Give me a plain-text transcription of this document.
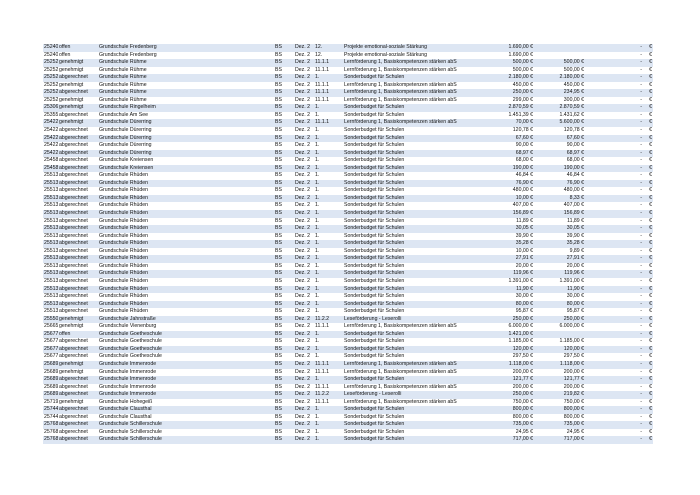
25240	offen	Grundschule Fredenberg	BS	Dez. 2	12.	Projekte emotional-soziale Stärkung	1.690,00 €		-	€
25240	offen	Grundschule Fredenberg	BS	Dez. 2	12.	Projekte emotional-soziale Stärkung	1.690,00 €		-	€
25252	genehmigt	Grundschule Rühme	BS	Dez. 2	11.1.1	Lernförderung 1, Basiskompetenzen stärken abS	500,00 €	500,00 €	-	€
25252	genehmigt	Grundschule Rühme	BS	Dez. 2	11.1.1	Lernförderung 1, Basiskompetenzen stärken abS	500,00 €	500,00 €	-	€
25252	abgerechnet	Grundschule Rühme	BS	Dez. 2	1.	Sonderbudget für Schulen	2.180,00 €	2.180,00 €	-	€
25252	genehmigt	Grundschule Rühme	BS	Dez. 2	11.1.1	Lernförderung 1, Basiskompetenzen stärken abS	450,00 €	450,00 €	-	€
25252	abgerechnet	Grundschule Rühme	BS	Dez. 2	11.1.1	Lernförderung 1, Basiskompetenzen stärken abS	250,00 €	234,95 €	-	€
25252	genehmigt	Grundschule Rühme	BS	Dez. 2	11.1.1	Lernförderung 1, Basiskompetenzen stärken abS	299,00 €	300,00 €	-	€
25306	genehmigt	Grundschule Ringelheim	BS	Dez. 2	1.	Sonderbudget für Schulen	2.870,59 €	2.870,59 €	-	€
25355	abgerechnet	Grundschule Am See	BS	Dez. 2	1.	Sonderbudget für Schulen	1.451,39 €	1.431,62 €	-	€
25422	genehmigt	Grundschule Dürerring	BS	Dez. 2	11.1.1	Lernförderung 1, Basiskompetenzen stärken abS	70,00 €	5.600,00 €	-	€
25422	abgerechnet	Grundschule Dürerring	BS	Dez. 2	1.	Sonderbudget für Schulen	120,78 €	120,78 €	-	€
25422	abgerechnet	Grundschule Dürerring	BS	Dez. 2	1.	Sonderbudget für Schulen	67,60 €	67,60 €	-	€
25422	abgerechnet	Grundschule Dürerring	BS	Dez. 2	1.	Sonderbudget für Schulen	90,00 €	90,00 €	-	€
25422	abgerechnet	Grundschule Dürerring	BS	Dez. 2	1.	Sonderbudget für Schulen	68,97 €	68,97 €	-	€
25458	abgerechnet	Grundschule Kreiensen	BS	Dez. 2	1.	Sonderbudget für Schulen	68,00 €	68,00 €	-	€
25458	abgerechnet	Grundschule Kreiensen	BS	Dez. 2	1.	Sonderbudget für Schulen	190,00 €	190,00 €	-	€
25513	abgerechnet	Grundschule Rhüden	BS	Dez. 2	1.	Sonderbudget für Schulen	46,84 €	46,84 €	-	€
25513	abgerechnet	Grundschule Rhüden	BS	Dez. 2	1.	Sonderbudget für Schulen	76,90 €	76,90 €	-	€
25513	abgerechnet	Grundschule Rhüden	BS	Dez. 2	1.	Sonderbudget für Schulen	480,00 €	480,00 €	-	€
25513	abgerechnet	Grundschule Rhüden	BS	Dez. 2	1.	Sonderbudget für Schulen	10,00 €	8,33 €	-	€
25513	abgerechnet	Grundschule Rhüden	BS	Dez. 2	1.	Sonderbudget für Schulen	407,00 €	407,00 €	-	€
25513	abgerechnet	Grundschule Rhüden	BS	Dez. 2	1.	Sonderbudget für Schulen	156,89 €	156,89 €	-	€
25513	abgerechnet	Grundschule Rhüden	BS	Dez. 2	1.	Sonderbudget für Schulen	11,89 €	11,89 €	-	€
25513	abgerechnet	Grundschule Rhüden	BS	Dez. 2	1.	Sonderbudget für Schulen	30,05 €	30,05 €	-	€
25513	abgerechnet	Grundschule Rhüden	BS	Dez. 2	1.	Sonderbudget für Schulen	39,90 €	39,90 €	-	€
25513	abgerechnet	Grundschule Rhüden	BS	Dez. 2	1.	Sonderbudget für Schulen	35,28 €	35,28 €	-	€
25513	abgerechnet	Grundschule Rhüden	BS	Dez. 2	1.	Sonderbudget für Schulen	10,00 €	9,89 €	-	€
25513	abgerechnet	Grundschule Rhüden	BS	Dez. 2	1.	Sonderbudget für Schulen	27,91 €	27,91 €	-	€
25513	abgerechnet	Grundschule Rhüden	BS	Dez. 2	1.	Sonderbudget für Schulen	20,00 €	20,00 €	-	€
25513	abgerechnet	Grundschule Rhüden	BS	Dez. 2	1.	Sonderbudget für Schulen	119,96 €	119,96 €	-	€
25513	abgerechnet	Grundschule Rhüden	BS	Dez. 2	1.	Sonderbudget für Schulen	1.391,00 €	1.391,00 €	-	€
25513	abgerechnet	Grundschule Rhüden	BS	Dez. 2	1.	Sonderbudget für Schulen	11,90 €	11,90 €	-	€
25513	abgerechnet	Grundschule Rhüden	BS	Dez. 2	1.	Sonderbudget für Schulen	30,00 €	30,00 €	-	€
25513	abgerechnet	Grundschule Rhüden	BS	Dez. 2	1.	Sonderbudget für Schulen	80,00 €	80,00 €	-	€
25513	abgerechnet	Grundschule Rhüden	BS	Dez. 2	1.	Sonderbudget für Schulen	95,87 €	95,87 €	-	€
25550	genehmigt	Grundschule Jahnstraße	BS	Dez. 2	11.2.2	Leseförderung - Leserolli	250,00 €	250,00 €	-	€
25665	genehmigt	Grundschule Vienenburg	BS	Dez. 2	11.1.1	Lernförderung 1, Basiskompetenzen stärken abS	6.000,00 €	6.000,00 €	-	€
25677	offen	Grundschule Goetheschule	BS	Dez. 2	1.	Sonderbudget für Schulen	1.421,00 €		-	€
25677	abgerechnet	Grundschule Goetheschule	BS	Dez. 2	1.	Sonderbudget für Schulen	1.185,00 €	1.185,00 €	-	€
25677	abgerechnet	Grundschule Goetheschule	BS	Dez. 2	1.	Sonderbudget für Schulen	120,00 €	120,00 €	-	€
25677	abgerechnet	Grundschule Goetheschule	BS	Dez. 2	1.	Sonderbudget für Schulen	297,50 €	297,50 €	-	€
25689	genehmigt	Grundschule Immenrode	BS	Dez. 2	11.1.1	Lernförderung 1, Basiskompetenzen stärken abS	1.118,00 €	1.118,00 €	-	€
25689	genehmigt	Grundschule Immenrode	BS	Dez. 2	11.1.1	Lernförderung 1, Basiskompetenzen stärken abS	200,00 €	200,00 €	-	€
25689	abgerechnet	Grundschule Immenrode	BS	Dez. 2	1.	Sonderbudget für Schulen	121,77 €	121,77 €	-	€
25689	abgerechnet	Grundschule Immenrode	BS	Dez. 2	11.1.1	Lernförderung 1, Basiskompetenzen stärken abS	200,00 €	200,00 €	-	€
25689	abgerechnet	Grundschule Immenrode	BS	Dez. 2	11.2.2	Leseförderung - Leserolli	250,00 €	219,82 €	-	€
25719	genehmigt	Grundschule Hohegeiß	BS	Dez. 2	11.1.1	Lernförderung 1, Basiskompetenzen stärken abS	750,00 €	750,00 €	-	€
25744	abgerechnet	Grundschule Clausthal	BS	Dez. 2	1.	Sonderbudget für Schulen	800,00 €	800,00 €	-	€
25744	abgerechnet	Grundschule Clausthal	BS	Dez. 2	1.	Sonderbudget für Schulen	800,00 €	800,00 €	-	€
25768	abgerechnet	Grundschule Schillerschule	BS	Dez. 2	1.	Sonderbudget für Schulen	735,00 €	735,00 €	-	€
25768	abgerechnet	Grundschule Schillerschule	BS	Dez. 2	1.	Sonderbudget für Schulen	24,95 €	24,95 €	-	€
25768	abgerechnet	Grundschule Schillerschule	BS	Dez. 2	1.	Sonderbudget für Schulen	717,00 €	717,00 €	-	€
